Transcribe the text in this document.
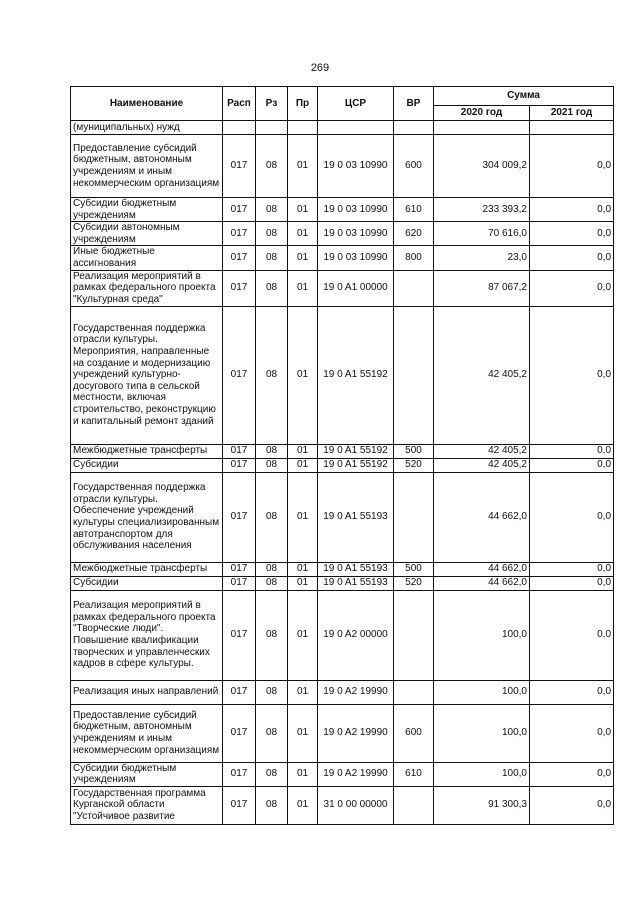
269
Наименование	Расп	Рз	Пр	ЦСР	ВР	Сумма	
						2020 год	2021 год
(муниципальных) нужд							
Предоставление субсидий бюджетным, автономным учреждениям и иным некоммерческим организациям	017	08	01	19 0 03 10990	600	304 009,2	0,0
Субсидии бюджетным учреждениям	017	08	01	19 0 03 10990	610	233 393,2	0,0
Субсидии автономным учреждениям	017	08	01	19 0 03 10990	620	70 616,0	0,0
Иные бюджетные ассигнования	017	08	01	19 0 03 10990	800	23,0	0,0
Реализация мероприятий в рамках федерального проекта "Культурная среда"	017	08	01	19 0 A1 00000		87 067,2	0,0
Государственная поддержка отрасли культуры. Мероприятия, направленные на создание и модернизацию учреждений культурно-досугового типа в сельской местности, включая строительство, реконструкцию и капитальный ремонт зданий	017	08	01	19 0 A1 55192		42 405,2	0,0
Межбюджетные трансферты	017	08	01	19 0 A1 55192	500	42 405,2	0,0
Субсидии	017	08	01	19 0 A1 55192	520	42 405,2	0,0
Государственная поддержка отрасли культуры. Обеспечение учреждений культуры специализированным автотранспортом для обслуживания населения	017	08	01	19 0 A1 55193		44 662,0	0,0
Межбюджетные трансферты	017	08	01	19 0 A1 55193	500	44 662,0	0,0
Субсидии	017	08	01	19 0 A1 55193	520	44 662,0	0,0
Реализация мероприятий в рамках федерального проекта "Творческие люди". Повышение квалификации творческих и управленческих кадров в сфере культуры.	017	08	01	19 0 A2 00000		100,0	0,0
Реализация иных направлений	017	08	01	19 0 A2 19990		100,0	0,0
Предоставление субсидий бюджетным, автономным учреждениям и иным некоммерческим организациям	017	08	01	19 0 A2 19990	600	100,0	0,0
Субсидии бюджетным учреждениям	017	08	01	19 0 A2 19990	610	100,0	0,0
Государственная программа Курганской области "Устойчивое развитие	017	08	01	31 0 00 00000		91 300,3	0,0
